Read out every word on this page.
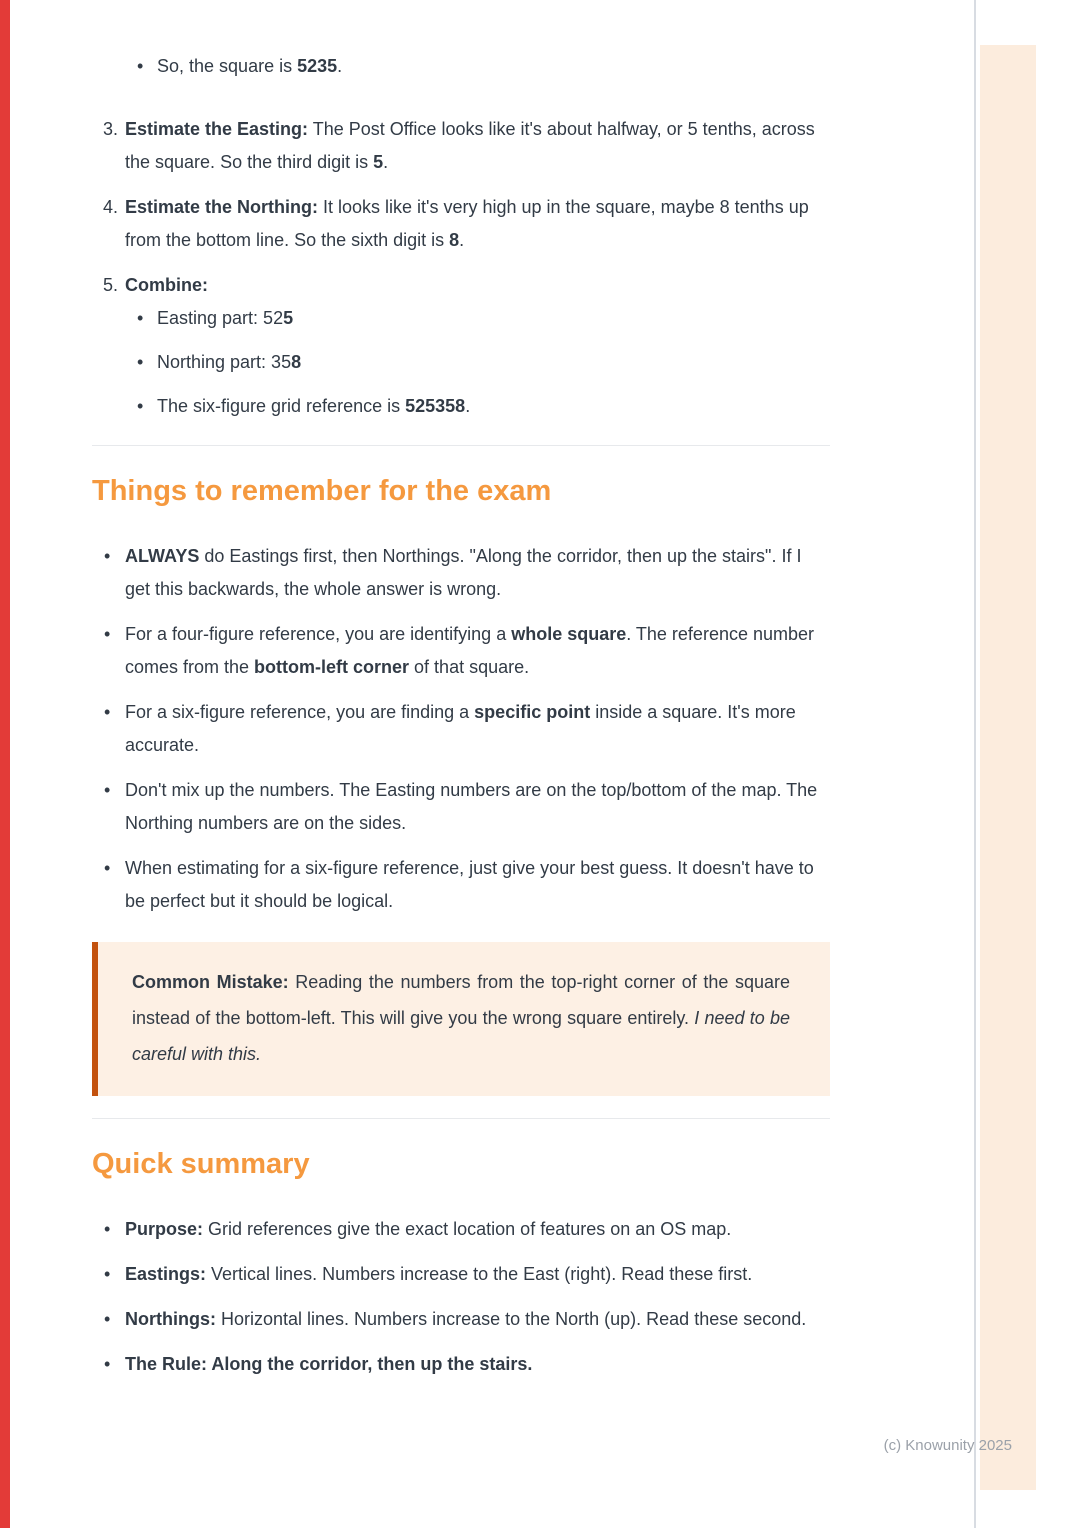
• So, the square is 5235.
3. Estimate the Easting: The Post Office looks like it's about halfway, or 5 tenths, across the square. So the third digit is 5.
4. Estimate the Northing: It looks like it's very high up in the square, maybe 8 tenths up from the bottom line. So the sixth digit is 8.
5. Combine:
• Easting part: 525
• Northing part: 358
• The six-figure grid reference is 525358.
Things to remember for the exam
• ALWAYS do Eastings first, then Northings. "Along the corridor, then up the stairs". If I get this backwards, the whole answer is wrong.
• For a four-figure reference, you are identifying a whole square. The reference number comes from the bottom-left corner of that square.
• For a six-figure reference, you are finding a specific point inside a square. It's more accurate.
• Don't mix up the numbers. The Easting numbers are on the top/bottom of the map. The Northing numbers are on the sides.
• When estimating for a six-figure reference, just give your best guess. It doesn't have to be perfect but it should be logical.
Common Mistake: Reading the numbers from the top-right corner of the square instead of the bottom-left. This will give you the wrong square entirely. I need to be careful with this.
Quick summary
• Purpose: Grid references give the exact location of features on an OS map.
• Eastings: Vertical lines. Numbers increase to the East (right). Read these first.
• Northings: Horizontal lines. Numbers increase to the North (up). Read these second.
• The Rule: Along the corridor, then up the stairs.
(c) Knowunity 2025
